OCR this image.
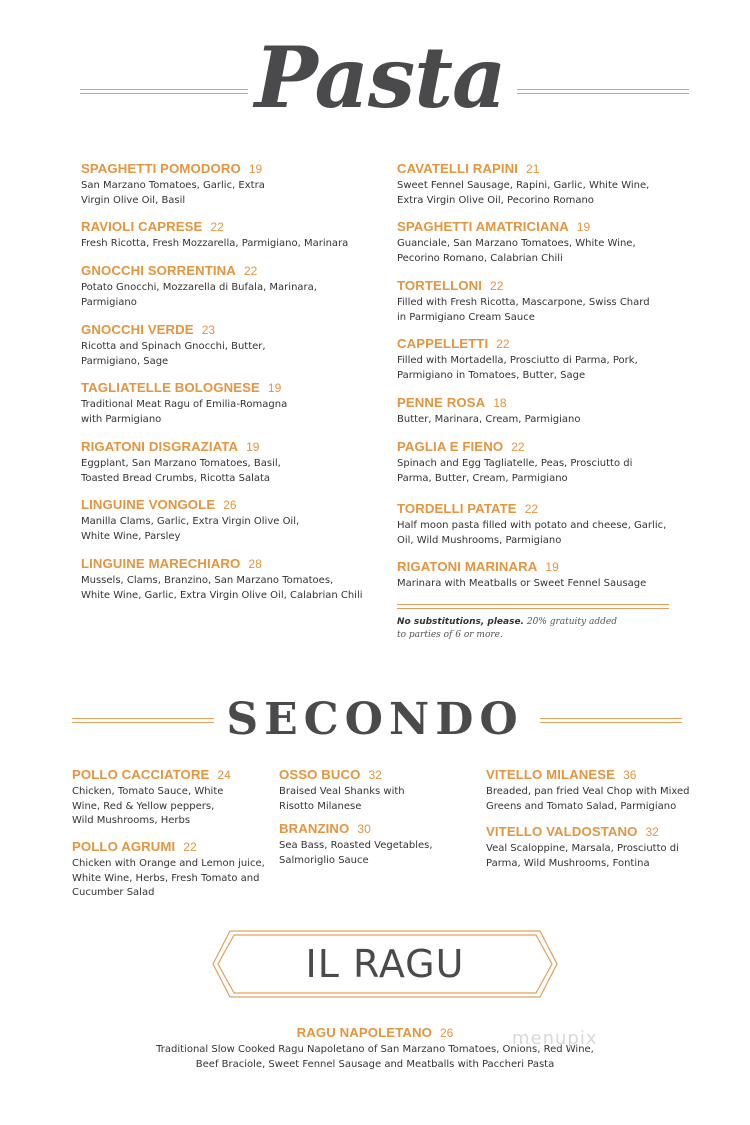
Pasta
SPAGHETTI POMODORO 19
San Marzano Tomatoes, Garlic, Extra
Virgin Olive Oil, Basil
RAVIOLI CAPRESE 22
Fresh Ricotta, Fresh Mozzarella, Parmigiano, Marinara
GNOCCHI SORRENTINA 22
Potato Gnocchi, Mozzarella di Bufala, Marinara,
Parmigiano
GNOCCHI VERDE 23
Ricotta and Spinach Gnocchi, Butter,
Parmigiano, Sage
TAGLIATELLE BOLOGNESE 19
Traditional Meat Ragu of Emilia-Romagna
with Parmigiano
RIGATONI DISGRAZIATA 19
Eggplant, San Marzano Tomatoes, Basil,
Toasted Bread Crumbs, Ricotta Salata
LINGUINE VONGOLE 26
Manilla Clams, Garlic, Extra Virgin Olive Oil,
White Wine, Parsley
LINGUINE MARECHIARO 28
Mussels, Clams, Branzino, San Marzano Tomatoes,
White Wine, Garlic, Extra Virgin Olive Oil, Calabrian Chili
CAVATELLI RAPINI 21
Sweet Fennel Sausage, Rapini, Garlic, White Wine,
Extra Virgin Olive Oil, Pecorino Romano
SPAGHETTI AMATRICIANA 19
Guanciale, San Marzano Tomatoes, White Wine,
Pecorino Romano, Calabrian Chili
TORTELLONI 22
Filled with Fresh Ricotta, Mascarpone, Swiss Chard
in Parmigiano Cream Sauce
CAPPELLETTI 22
Filled with Mortadella, Prosciutto di Parma, Pork,
Parmigiano in Tomatoes, Butter, Sage
PENNE ROSA 18
Butter, Marinara, Cream, Parmigiano
PAGLIA E FIENO 22
Spinach and Egg Tagliatelle, Peas, Prosciutto di
Parma, Butter, Cream, Parmigiano
TORDELLI PATATE 22
Half moon pasta filled with potato and cheese, Garlic,
Oil, Wild Mushrooms, Parmigiano
RIGATONI MARINARA 19
Marinara with Meatballs or Sweet Fennel Sausage
No substitutions, please. 20% gratuity added
to parties of 6 or more.
SECONDO
POLLO CACCIATORE 24
Chicken, Tomato Sauce, White
Wine, Red & Yellow peppers,
Wild Mushrooms, Herbs
POLLO AGRUMI 22
Chicken with Orange and Lemon juice,
White Wine, Herbs, Fresh Tomato and
Cucumber Salad
OSSO BUCO 32
Braised Veal Shanks with
Risotto Milanese
BRANZINO 30
Sea Bass, Roasted Vegetables,
Salmoriglio Sauce
VITELLO MILANESE 36
Breaded, pan fried Veal Chop with Mixed
Greens and Tomato Salad, Parmigiano
VITELLO VALDOSTANO 32
Veal Scaloppine, Marsala, Prosciutto di
Parma, Wild Mushrooms, Fontina
IL RAGU
RAGU NAPOLETANO 26
Traditional Slow Cooked Ragu Napoletano of San Marzano Tomatoes, Onions, Red Wine,
Beef Braciole, Sweet Fennel Sausage and Meatballs with Paccheri Pasta
menupix
